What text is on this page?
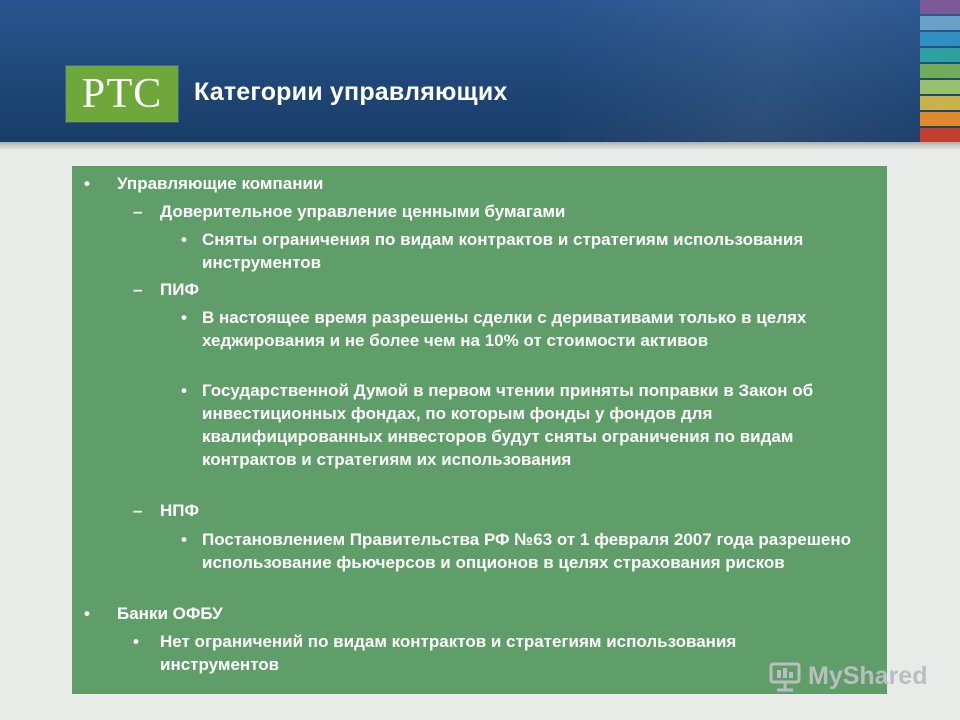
РТС Категории управляющих
• Управляющие компании
– Доверительное управление ценными бумагами
• Сняты ограничения по видам контрактов и стратегиям использования инструментов
– ПИФ
• В настоящее время разрешены сделки с деривативами только в целях хеджирования и не более чем на 10% от стоимости активов
• Государственной Думой в первом чтении приняты поправки в Закон об инвестиционных фондах, по которым фонды у фондов для квалифицированных инвесторов будут сняты ограничения по видам контрактов и стратегиям их использования
– НПФ
• Постановлением Правительства РФ №63 от 1 февраля 2007 года разрешено использование фьючерсов и опционов в целях страхования рисков
• Банки ОФБУ
• Нет ограничений по видам контрактов и стратегиям использования инструментов	MyShared
